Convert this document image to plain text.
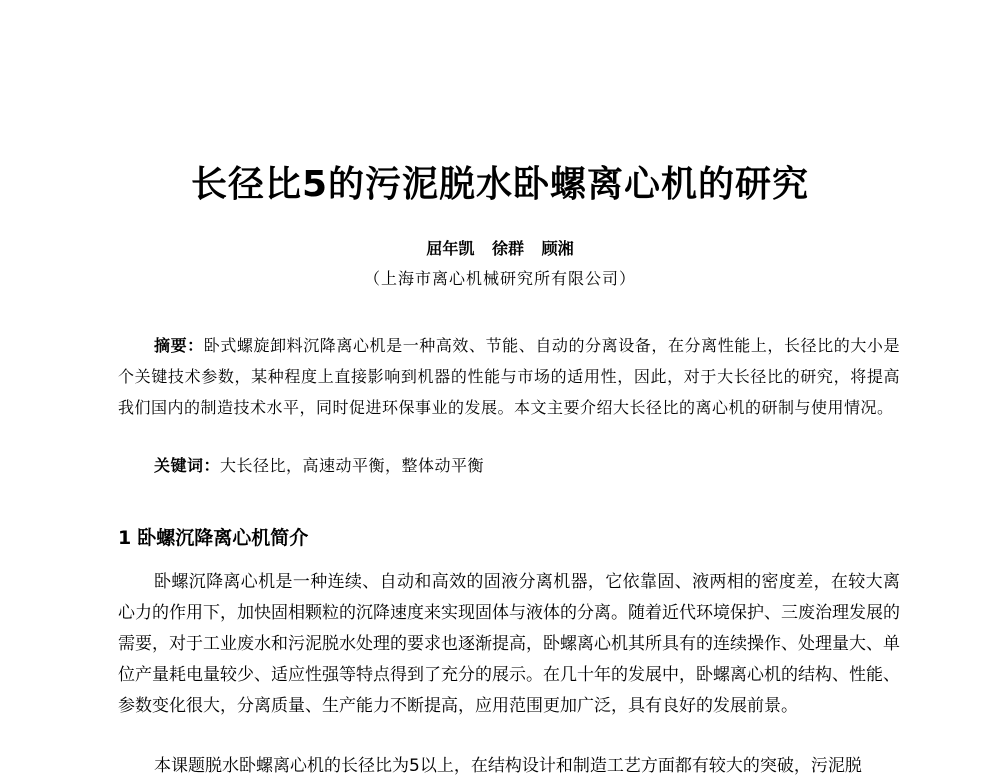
长径比5的污泥脱水卧螺离心机的研究
屈年凯 徐群 顾湘
（上海市离心机械研究所有限公司）

摘要：卧式螺旋卸料沉降离心机是一种高效、节能、自动的分离设备，在分离性能上，长径比的大小是个关键技术参数，某种程度上直接影响到机器的性能与市场的适用性，因此，对于大长径比的研究，将提高我们国内的制造技术水平，同时促进环保事业的发展。本文主要介绍大长径比的离心机的研制与使用情况。

关键词：大长径比，高速动平衡，整体动平衡
1 卧螺沉降离心机简介

卧螺沉降离心机是一种连续、自动和高效的固液分离机器，它依靠固、液两相的密度差，在较大离心力的作用下，加快固相颗粒的沉降速度来实现固体与液体的分离。随着近代环境保护、三废治理发展的需要，对于工业废水和污泥脱水处理的要求也逐渐提高，卧螺离心机其所具有的连续操作、处理量大、单位产量耗电量较少、适应性强等特点得到了充分的展示。在几十年的发展中，卧螺离心机的结构、性能、参数变化很大，分离质量、生产能力不断提高，应用范围更加广泛，具有良好的发展前景。

本课题脱水卧螺离心机的长径比为5以上，在结构设计和制造工艺方面都有较大的突破，污泥脱
